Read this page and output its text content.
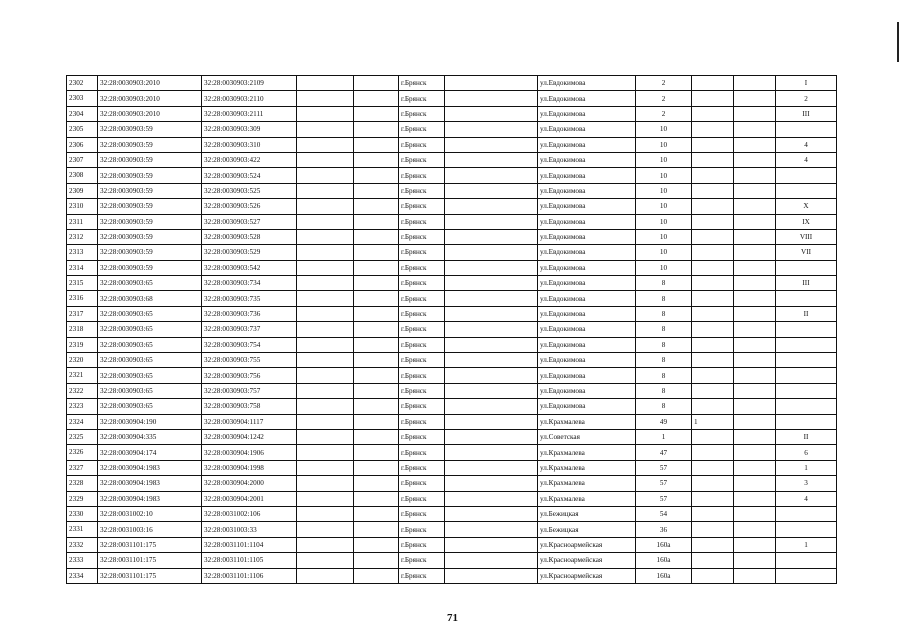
2302	32:28:0030903:2010	32:28:0030903:2109			г.Брянск		ул.Евдокимова	2			I
2303	32:28:0030903:2010	32:28:0030903:2110			г.Брянск		ул.Евдокимова	2			2
2304	32:28:0030903:2010	32:28:0030903:2111			г.Брянск		ул.Евдокимова	2			III
2305	32:28:0030903:59	32:28:0030903:309			г.Брянск		ул.Евдокимова	10			
2306	32:28:0030903:59	32:28:0030903:310			г.Брянск		ул.Евдокимова	10			4
2307	32:28:0030903:59	32:28:0030903:422			г.Брянск		ул.Евдокимова	10			4
2308	32:28:0030903:59	32:28:0030903:524			г.Брянск		ул.Евдокимова	10			
2309	32:28:0030903:59	32:28:0030903:525			г.Брянск		ул.Евдокимова	10			
2310	32:28:0030903:59	32:28:0030903:526			г.Брянск		ул.Евдокимова	10			X
2311	32:28:0030903:59	32:28:0030903:527			г.Брянск		ул.Евдокимова	10			IX
2312	32:28:0030903:59	32:28:0030903:528			г.Брянск		ул.Евдокимова	10			VIII
2313	32:28:0030903:59	32:28:0030903:529			г.Брянск		ул.Евдокимова	10			VII
2314	32:28:0030903:59	32:28:0030903:542			г.Брянск		ул.Евдокимова	10			
2315	32:28:0030903:65	32:28:0030903:734			г.Брянск		ул.Евдокимова	8			III
2316	32:28:0030903:68	32:28:0030903:735			г.Брянск		ул.Евдокимова	8			
2317	32:28:0030903:65	32:28:0030903:736			г.Брянск		ул.Евдокимова	8			II
2318	32:28:0030903:65	32:28:0030903:737			г.Брянск		ул.Евдокимова	8			
2319	32:28:0030903:65	32:28:0030903:754			г.Брянск		ул.Евдокимова	8			
2320	32:28:0030903:65	32:28:0030903:755			г.Брянск		ул.Евдокимова	8			
2321	32:28:0030903:65	32:28:0030903:756			г.Брянск		ул.Евдокимова	8			
2322	32:28:0030903:65	32:28:0030903:757			г.Брянск		ул.Евдокимова	8			
2323	32:28:0030903:65	32:28:0030903:758			г.Брянск		ул.Евдокимова	8			
2324	32:28:0030904:190	32:28:0030904:1117			г.Брянск		ул.Крахмалева	49	1		
2325	32:28:0030904:335	32:28:0030904:1242			г.Брянск		ул.Советская	1			II
2326	32:28:0030904:174	32:28:0030904:1906			г.Брянск		ул.Крахмалева	47			6
2327	32:28:0030904:1983	32:28:0030904:1998			г.Брянск		ул.Крахмалева	57			1
2328	32:28:0030904:1983	32:28:0030904:2000			г.Брянск		ул.Крахмалева	57			3
2329	32:28:0030904:1983	32:28:0030904:2001			г.Брянск		ул.Крахмалева	57			4
2330	32:28:0031002:10	32:28:0031002:106			г.Брянск		ул.Бежицкая	54			
2331	32:28:0031003:16	32:28:0031003:33			г.Брянск		ул.Бежицкая	36			
2332	32:28:0031101:175	32:28:0031101:1104			г.Брянск		ул.Красноармейская	160а			1
2333	32:28:0031101:175	32:28:0031101:1105			г.Брянск		ул.Красноармейская	160а			
2334	32:28:0031101:175	32:28:0031101:1106			г.Брянск		ул.Красноармейская	160а			
71
